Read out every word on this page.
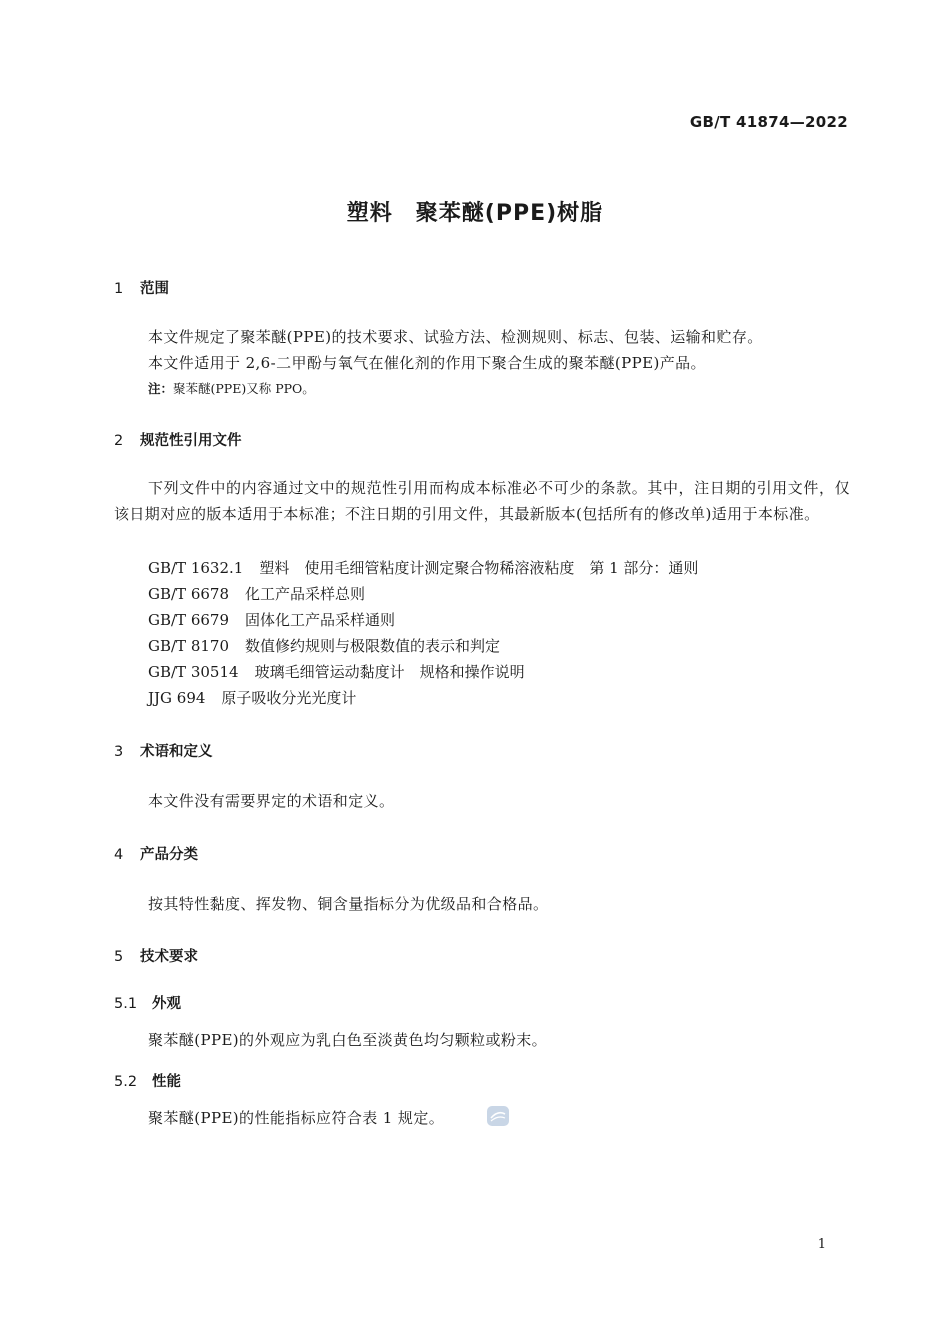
GB/T 41874—2022
塑料　聚苯醚(PPE)树脂
1 范围
本文件规定了聚苯醚(PPE)的技术要求、试验方法、检测规则、标志、包装、运输和贮存。
本文件适用于 2,6-二甲酚与氧气在催化剂的作用下聚合生成的聚苯醚(PPE)产品。
注：聚苯醚(PPE)又称 PPO。
2 规范性引用文件
下列文件中的内容通过文中的规范性引用而构成本标准必不可少的条款。其中，注日期的引用文件，仅该日期对应的版本适用于本标准；不注日期的引用文件，其最新版本(包括所有的修改单)适用于本标准。
GB/T 1632.1 塑料　使用毛细管粘度计测定聚合物稀溶液粘度　第 1 部分：通则
GB/T 6678 化工产品采样总则
GB/T 6679 固体化工产品采样通则
GB/T 8170 数值修约规则与极限数值的表示和判定
GB/T 30514 玻璃毛细管运动黏度计　规格和操作说明
JJG 694 原子吸收分光光度计
3 术语和定义
本文件没有需要界定的术语和定义。
4 产品分类
按其特性黏度、挥发物、铜含量指标分为优级品和合格品。
5 技术要求
5.1 外观
聚苯醚(PPE)的外观应为乳白色至淡黄色均匀颗粒或粉末。
5.2 性能
聚苯醚(PPE)的性能指标应符合表 1 规定。
1
